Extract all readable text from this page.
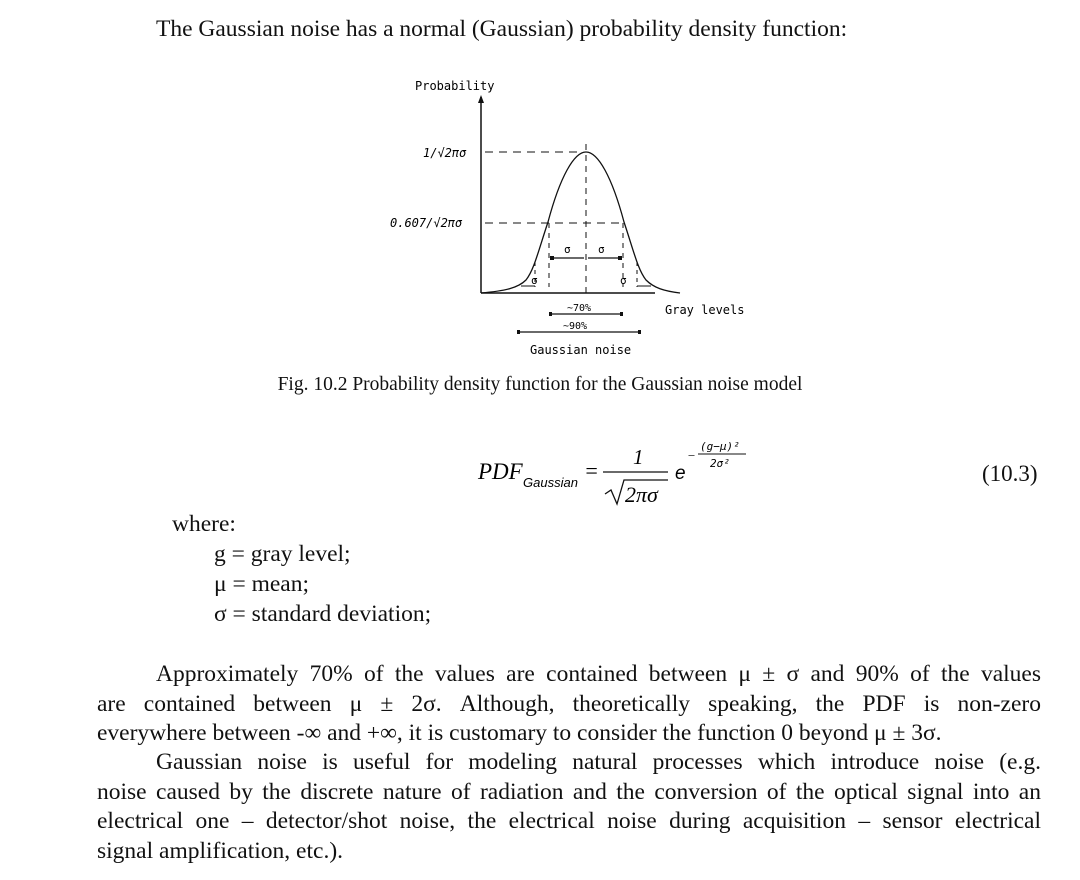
The Gaussian noise has a normal (Gaussian) probability density function:
Probability
1/√2πσ
0.607/√2πσ
Gray levels
σ σ
σ	σ
~70%
~90%
Gaussian noise
Fig. 10.2 Probability density function for the Gaussian noise model
PDF Gaussian =
1
2πσ
e
−
(g−μ)²
2σ²	(10.3)
where:
g = gray level;
μ = mean;
σ = standard deviation;
Approximately 70% of the values are contained between μ ± σ and 90% of the values
are contained between μ ± 2σ. Although, theoretically speaking, the PDF is non-zero
everywhere between -∞ and +∞, it is customary to consider the function 0 beyond μ ± 3σ.
Gaussian noise is useful for modeling natural processes which introduce noise (e.g.
noise caused by the discrete nature of radiation and the conversion of the optical signal into an
electrical one – detector/shot noise, the electrical noise during acquisition – sensor electrical
signal amplification, etc.).
